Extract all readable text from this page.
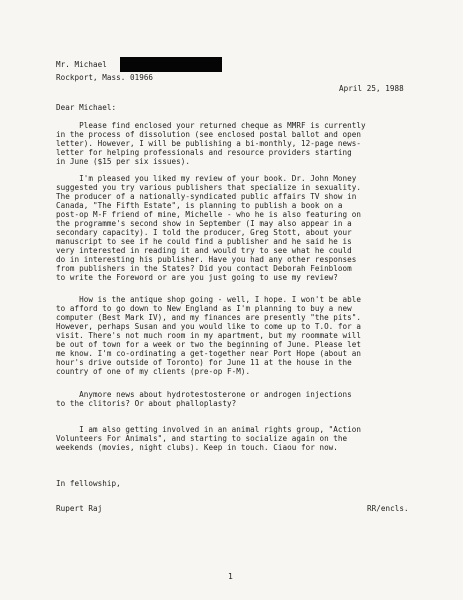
Mr. Michael
Rockport, Mass. 01966
April 25, 1988
Dear Michael:
Please find enclosed your returned cheque as MMRF is currently
in the process of dissolution (see enclosed postal ballot and open
letter). However, I will be publishing a bi-monthly, 12-page news-
letter for helping professionals and resource providers starting
in June ($15 per six issues).
I'm pleased you liked my review of your book. Dr. John Money
suggested you try various publishers that specialize in sexuality.
The producer of a nationally-syndicated public affairs TV show in
Canada, "The Fifth Estate", is planning to publish a book on a
post-op M-F friend of mine, Michelle - who he is also featuring on
the programme's second show in September (I may also appear in a
secondary capacity). I told the producer, Greg Stott, about your
manuscript to see if he could find a publisher and he said he is
very interested in reading it and would try to see what he could
do in interesting his publisher. Have you had any other responses
from publishers in the States? Did you contact Deborah Feinbloom
to write the Foreword or are you just going to use my review?
How is the antique shop going - well, I hope. I won't be able
to afford to go down to New England as I'm planning to buy a new
computer (Best Mark IV), and my finances are presently "the pits".
However, perhaps Susan and you would like to come up to T.O. for a
visit. There's not much room in my apartment, but my roommate will
be out of town for a week or two the beginning of June. Please let
me know. I'm co-ordinating a get-together near Port Hope (about an
hour's drive outside of Toronto) for June 11 at the house in the
country of one of my clients (pre-op F-M).
Anymore news about hydrotestosterone or androgen injections
to the clitoris? Or about phalloplasty?
I am also getting involved in an animal rights group, "Action
Volunteers For Animals", and starting to socialize again on the
weekends (movies, night clubs). Keep in touch. Ciaou for now.
In fellowship,
Rupert Raj	RR/encls.
1
